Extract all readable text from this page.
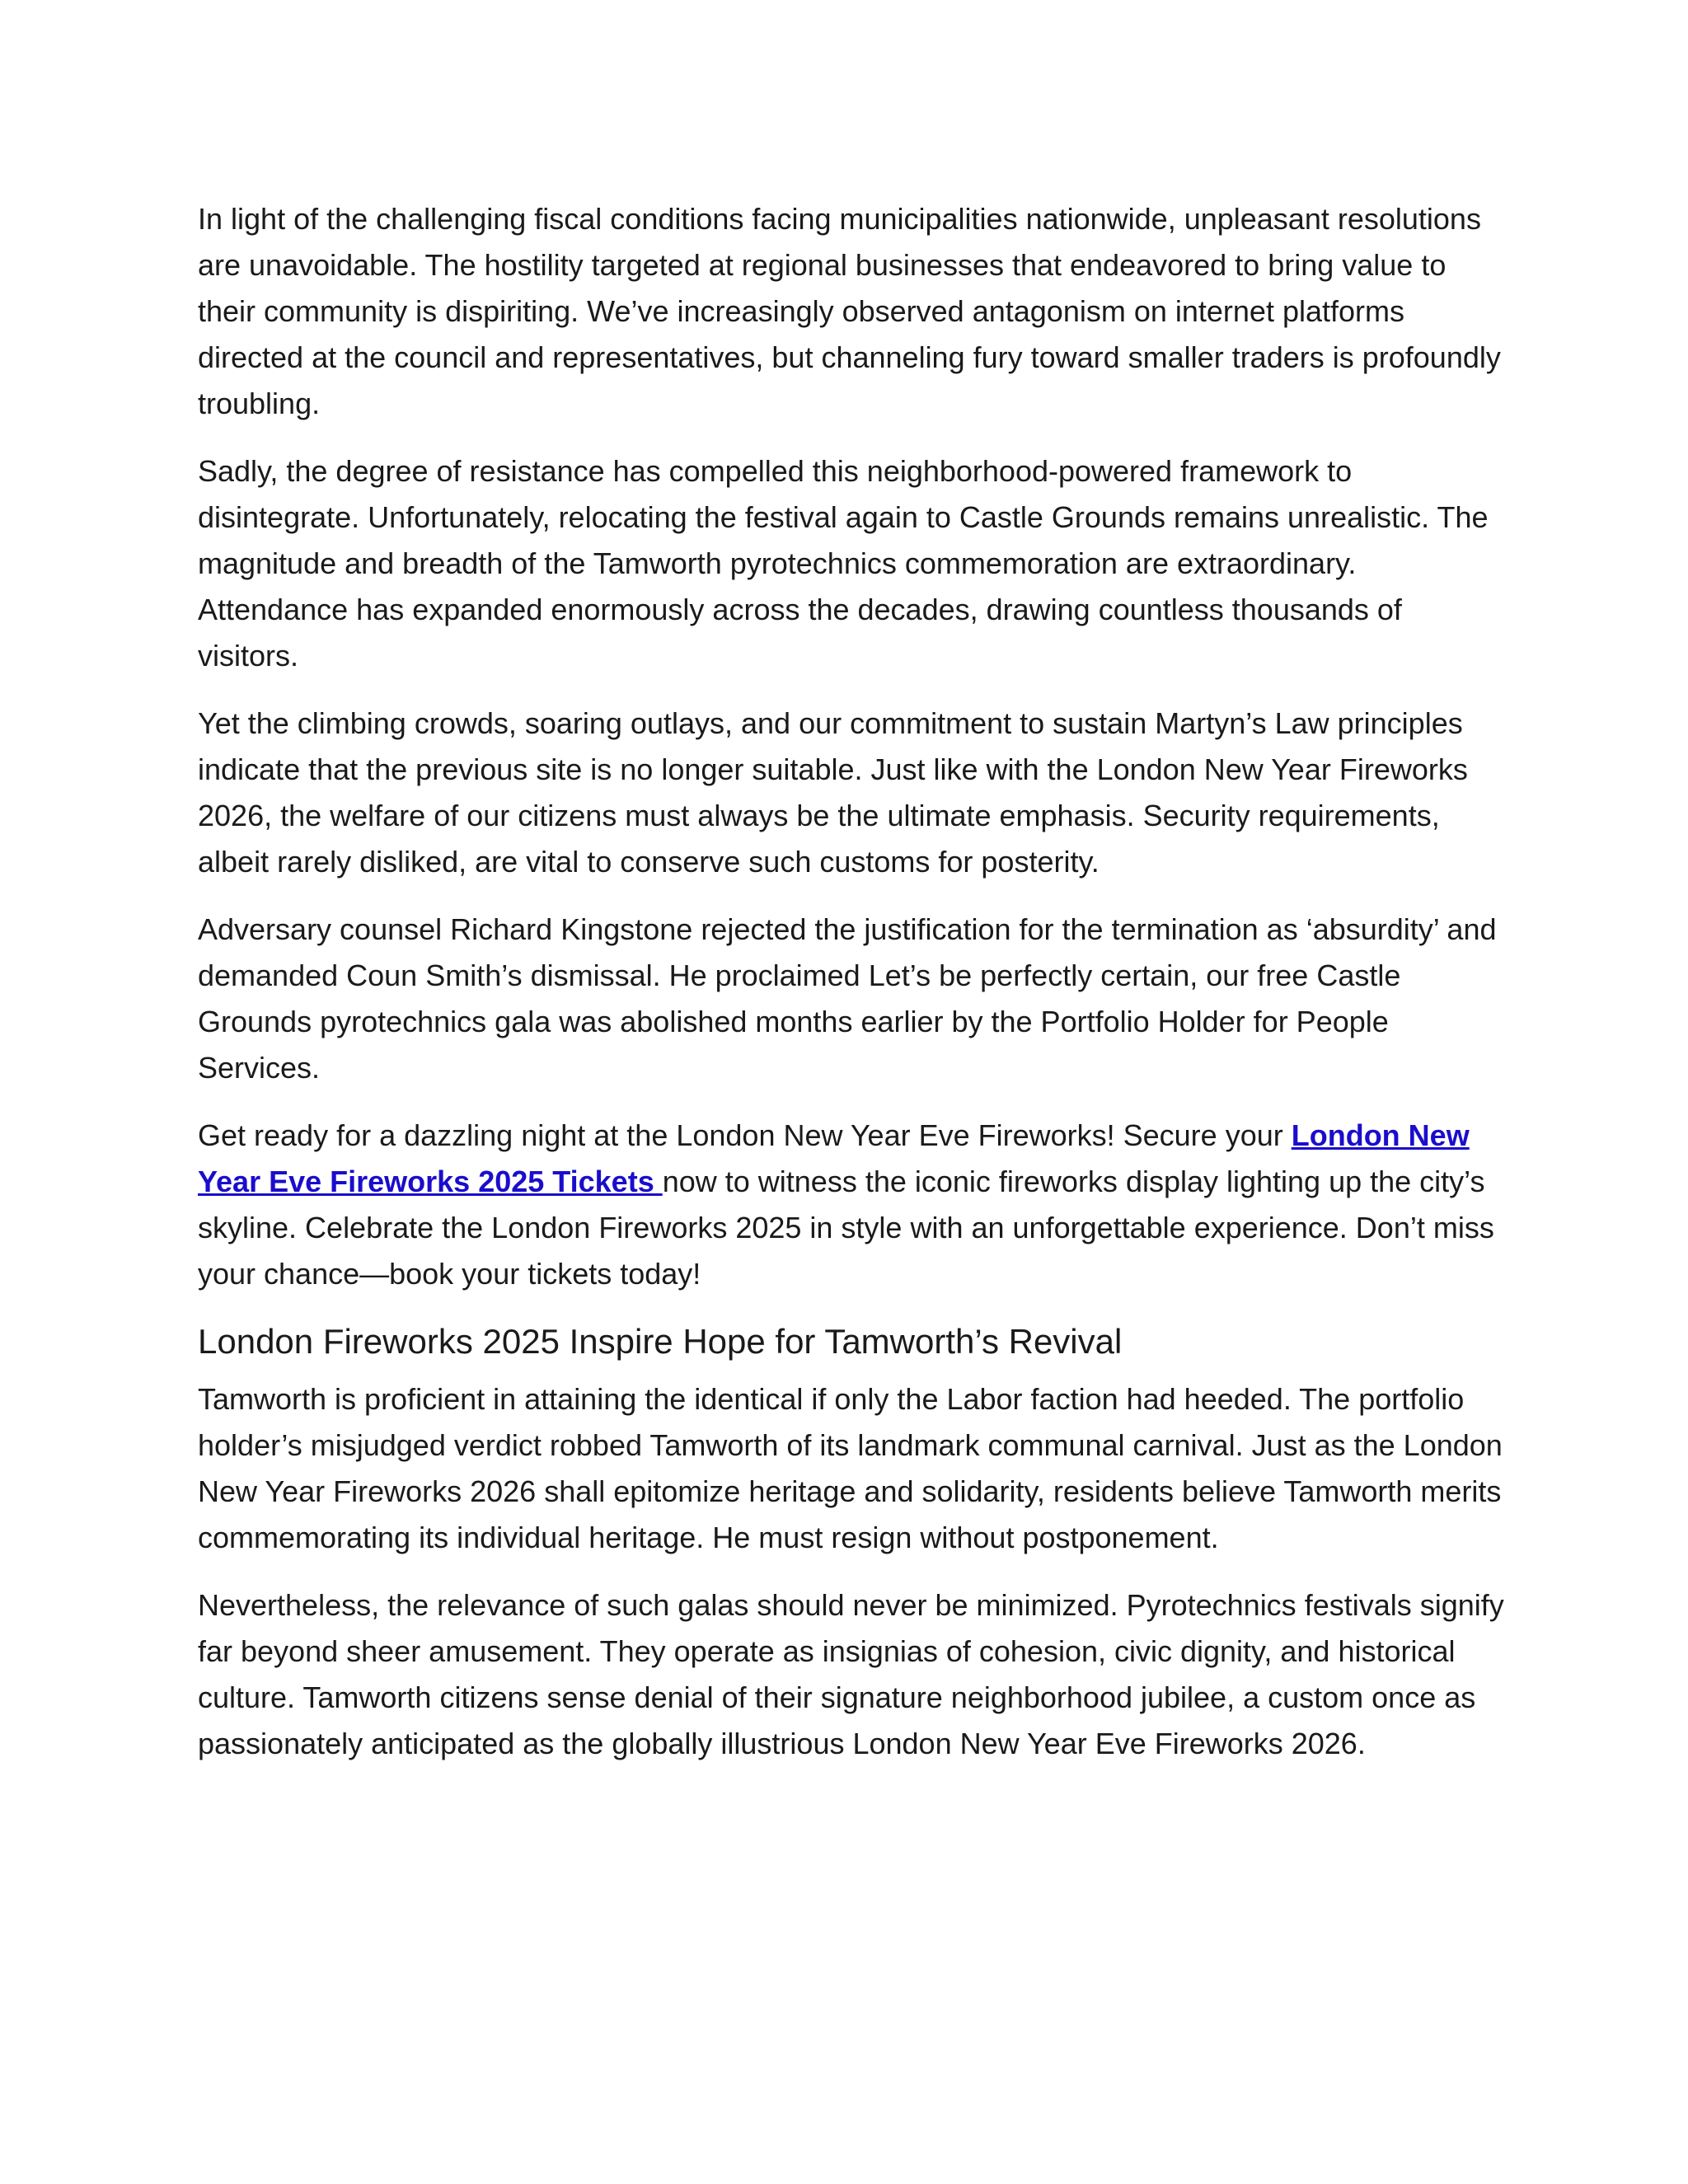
In light of the challenging fiscal conditions facing municipalities nationwide, unpleasant resolutions are unavoidable. The hostility targeted at regional businesses that endeavored to bring value to their community is dispiriting. We’ve increasingly observed antagonism on internet platforms directed at the council and representatives, but channeling fury toward smaller traders is profoundly troubling.

Sadly, the degree of resistance has compelled this neighborhood-powered framework to disintegrate. Unfortunately, relocating the festival again to Castle Grounds remains unrealistic. The magnitude and breadth of the Tamworth pyrotechnics commemoration are extraordinary. Attendance has expanded enormously across the decades, drawing countless thousands of visitors.

Yet the climbing crowds, soaring outlays, and our commitment to sustain Martyn’s Law principles indicate that the previous site is no longer suitable. Just like with the London New Year Fireworks 2026, the welfare of our citizens must always be the ultimate emphasis. Security requirements, albeit rarely disliked, are vital to conserve such customs for posterity.

Adversary counsel Richard Kingstone rejected the justification for the termination as ‘absurdity’ and demanded Coun Smith’s dismissal. He proclaimed Let’s be perfectly certain, our free Castle Grounds pyrotechnics gala was abolished months earlier by the Portfolio Holder for People Services.

Get ready for a dazzling night at the London New Year Eve Fireworks! Secure your London New Year Eve Fireworks 2025 Tickets now to witness the iconic fireworks display lighting up the city’s skyline. Celebrate the London Fireworks 2025 in style with an unforgettable experience. Don’t miss your chance—book your tickets today!

London Fireworks 2025 Inspire Hope for Tamworth’s Revival

Tamworth is proficient in attaining the identical if only the Labor faction had heeded. The portfolio holder’s misjudged verdict robbed Tamworth of its landmark communal carnival. Just as the London New Year Fireworks 2026 shall epitomize heritage and solidarity, residents believe Tamworth merits commemorating its individual heritage. He must resign without postponement.

Nevertheless, the relevance of such galas should never be minimized. Pyrotechnics festivals signify far beyond sheer amusement. They operate as insignias of cohesion, civic dignity, and historical culture. Tamworth citizens sense denial of their signature neighborhood jubilee, a custom once as passionately anticipated as the globally illustrious London New Year Eve Fireworks 2026.
